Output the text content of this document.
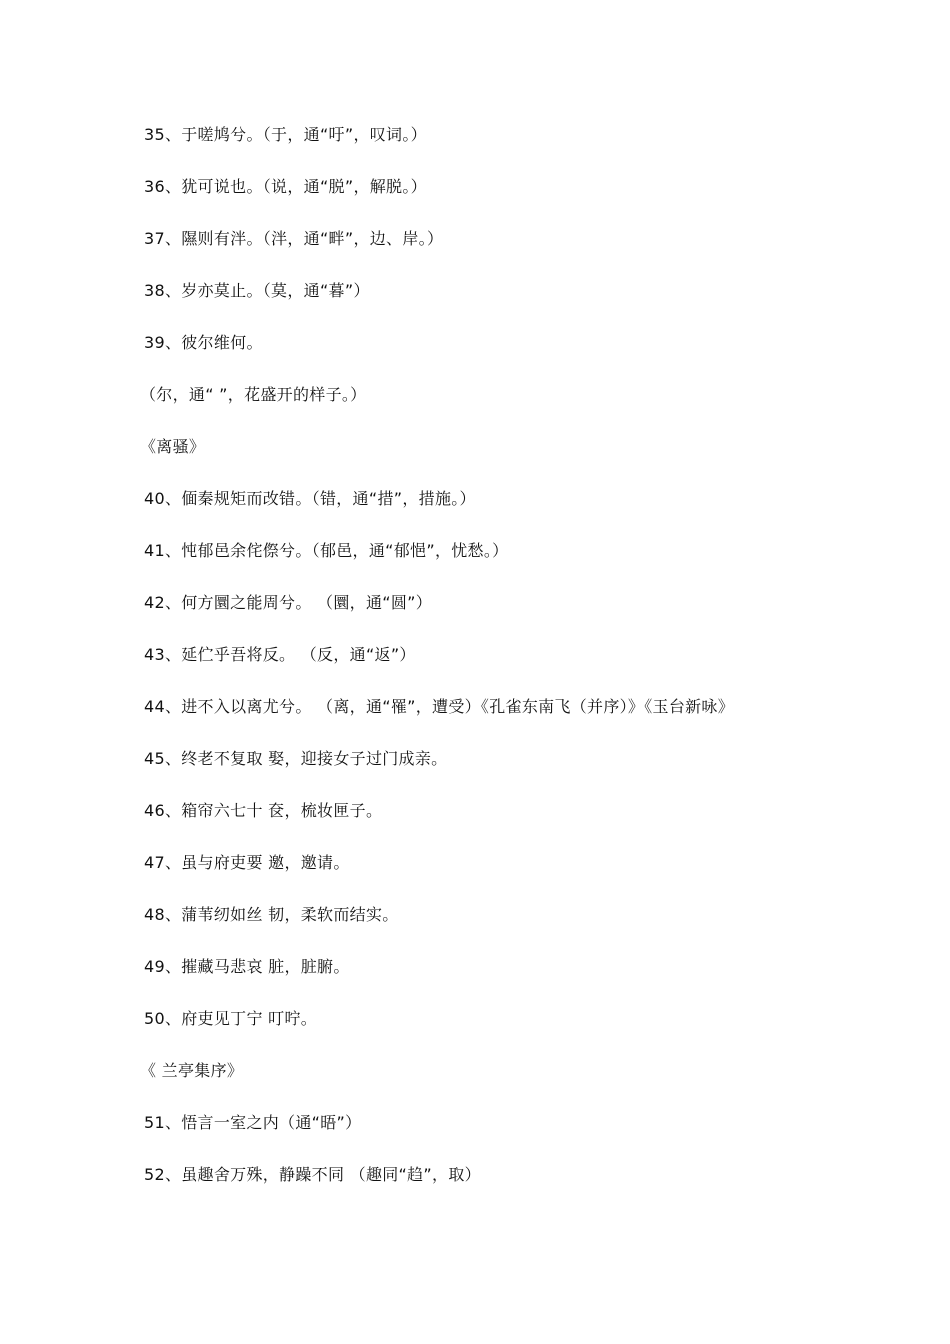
35、于嗟鸠兮。（于，通“吁”，叹词。）
36、犹可说也。（说，通“脱”，解脱。）
37、隰则有泮。（泮，通“畔”，边、岸。）
38、岁亦莫止。（莫，通“暮”）
39、彼尔维何。
（尔，通“ ”，花盛开的样子。）
《离骚》
40、偭秦规矩而改错。（错，通“措”，措施。）
41、忳郁邑余侘傺兮。（郁邑，通“郁悒”，忧愁。）
42、何方圜之能周兮。 （圜，通“圆”）
43、延伫乎吾将反。 （反，通“返”）
44、进不入以离尤兮。 （离，通“罹”，遭受）《孔雀东南飞（并序）》《玉台新咏》
45、终老不复取 娶，迎接女子过门成亲。
46、箱帘六七十 奁，梳妆匣子。
47、虽与府吏要 邀，邀请。
48、蒲苇纫如丝 韧，柔软而结实。
49、摧藏马悲哀 脏，脏腑。
50、府吏见丁宁 叮咛。
《 兰亭集序》
51、悟言一室之内（通“晤”）
52、虽趣舍万殊，静躁不同 （趣同“趋”，取）
